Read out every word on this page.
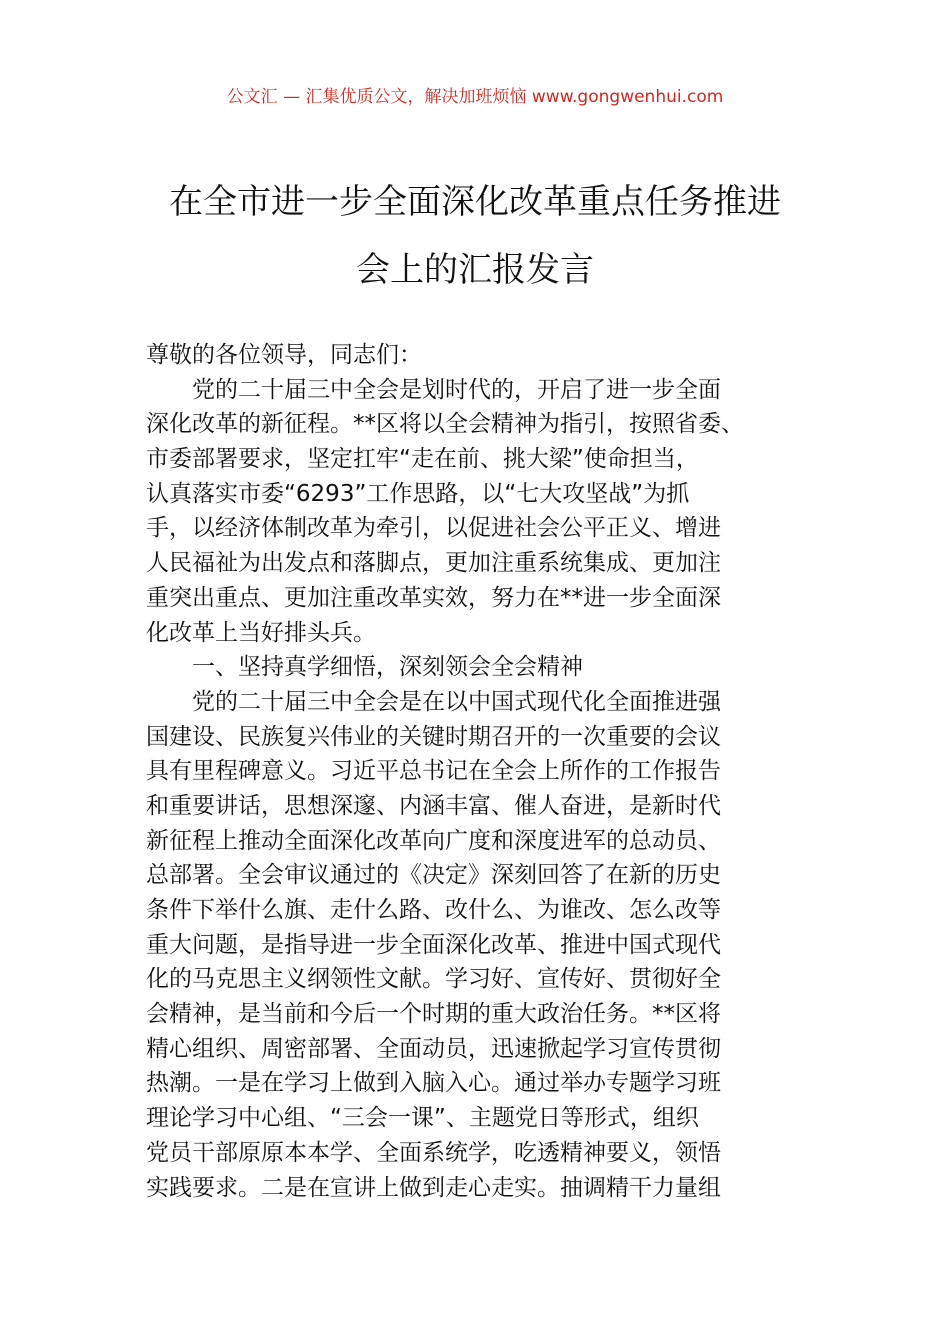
公文汇 — 汇集优质公文，解决加班烦恼 www.gongwenhui.com
在全市进一步全面深化改革重点任务推进
会上的汇报发言
尊敬的各位领导，同志们：
党的二十届三中全会是划时代的，开启了进一步全面
深化改革的新征程。**区将以全会精神为指引，按照省委、
市委部署要求，坚定扛牢“走在前、挑大梁”使命担当，
认真落实市委“6293”工作思路，以“七大攻坚战”为抓
手，以经济体制改革为牵引，以促进社会公平正义、增进
人民福祉为出发点和落脚点，更加注重系统集成、更加注
重突出重点、更加注重改革实效，努力在**进一步全面深
化改革上当好排头兵。
一、坚持真学细悟，深刻领会全会精神
党的二十届三中全会是在以中国式现代化全面推进强
国建设、民族复兴伟业的关键时期召开的一次重要的会议
具有里程碑意义。习近平总书记在全会上所作的工作报告
和重要讲话，思想深邃、内涵丰富、催人奋进，是新时代
新征程上推动全面深化改革向广度和深度进军的总动员、
总部署。全会审议通过的《决定》深刻回答了在新的历史
条件下举什么旗、走什么路、改什么、为谁改、怎么改等
重大问题，是指导进一步全面深化改革、推进中国式现代
化的马克思主义纲领性文献。学习好、宣传好、贯彻好全
会精神，是当前和今后一个时期的重大政治任务。**区将
精心组织、周密部署、全面动员，迅速掀起学习宣传贯彻
热潮。一是在学习上做到入脑入心。通过举办专题学习班
理论学习中心组、“三会一课”、主题党日等形式，组织
党员干部原原本本学、全面系统学，吃透精神要义，领悟
实践要求。二是在宣讲上做到走心走实。抽调精干力量组
